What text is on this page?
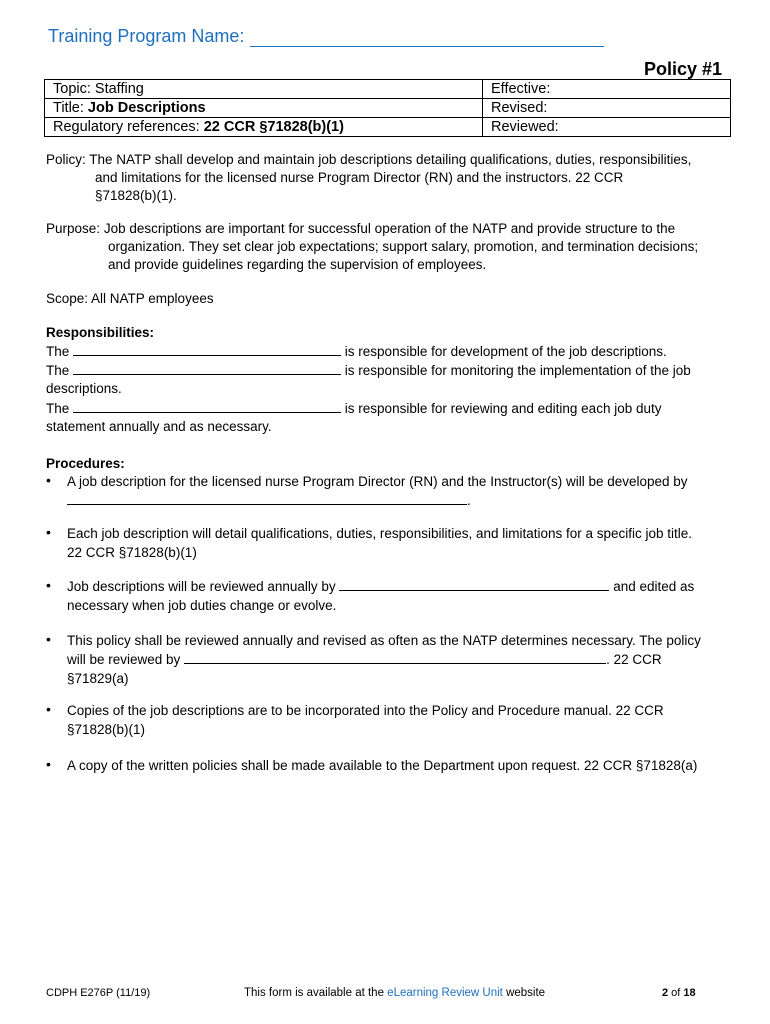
Training Program Name:
Policy #1
Topic: Staffing	Effective:
Title: Job Descriptions	Revised:
Regulatory references: 22 CCR §71828(b)(1)	Reviewed:
Policy: The NATP shall develop and maintain job descriptions detailing qualifications, duties, responsibilities,
and limitations for the licensed nurse Program Director (RN) and the instructors. 22 CCR
§71828(b)(1).
Purpose: Job descriptions are important for successful operation of the NATP and provide structure to the
organization. They set clear job expectations; support salary, promotion, and termination decisions;
and provide guidelines regarding the supervision of employees.
Scope: All NATP employees
Responsibilities:
The	is responsible for development of the job descriptions.
The	is responsible for monitoring the implementation of the job
descriptions.
The	is responsible for reviewing and editing each job duty
statement annually and as necessary.
Procedures:
• A job description for the licensed nurse Program Director (RN) and the Instructor(s) will be developed by
.
• Each job description will detail qualifications, duties, responsibilities, and limitations for a specific job title.
22 CCR §71828(b)(1)
• Job descriptions will be reviewed annually by	and edited as
necessary when job duties change or evolve.
• This policy shall be reviewed annually and revised as often as the NATP determines necessary. The policy
will be reviewed by	. 22 CCR
§71829(a)
• Copies of the job descriptions are to be incorporated into the Policy and Procedure manual. 22 CCR
§71828(b)(1)
• A copy of the written policies shall be made available to the Department upon request. 22 CCR §71828(a)
CDPH E276P (11/19)	This form is available at the eLearning Review Unit website	2 of 18
